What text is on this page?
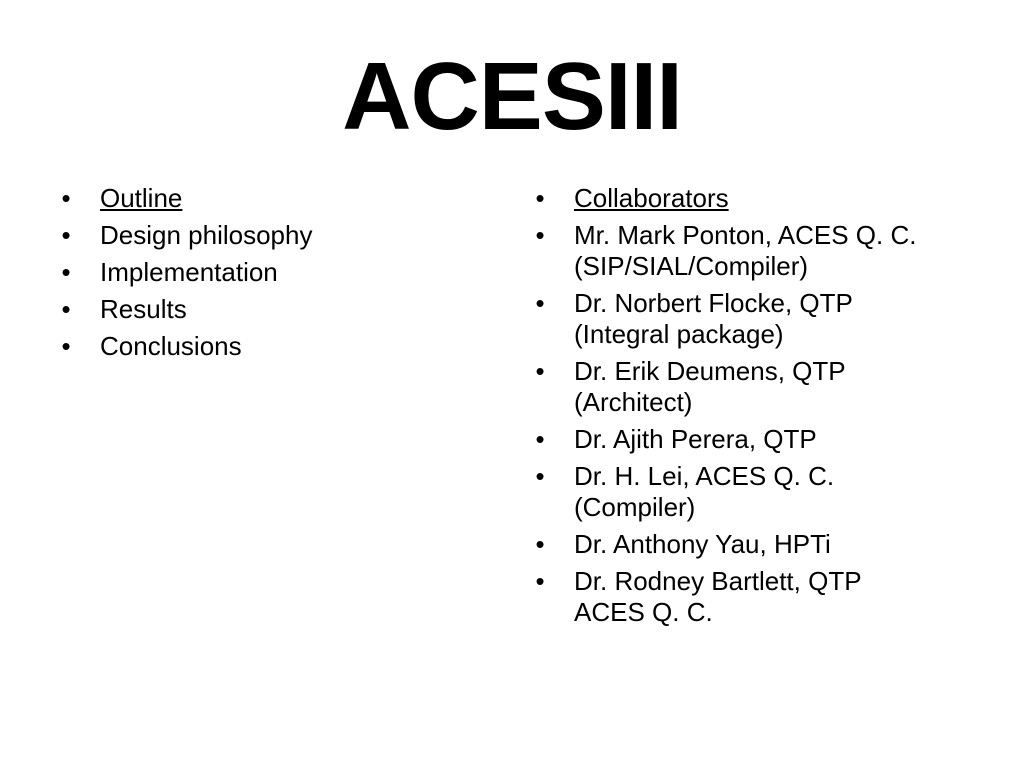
ACESIII
• Outline
• Design philosophy
• Implementation
• Results
• Conclusions
• Collaborators
• Mr. Mark Ponton, ACES Q. C.
(SIP/SIAL/Compiler)
• Dr. Norbert Flocke, QTP
(Integral package)
• Dr. Erik Deumens, QTP
(Architect)
• Dr. Ajith Perera, QTP
• Dr. H. Lei, ACES Q. C.
(Compiler)
• Dr. Anthony Yau, HPTi
• Dr. Rodney Bartlett, QTP
ACES Q. C.
